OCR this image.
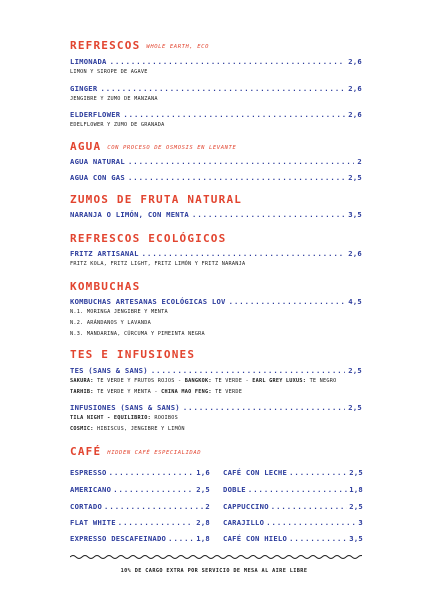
REFRESCOS WHOLE EARTH, ECO
LIMONADA .....	2,6
LIMON Y SIROPE DE AGAVE
GINGER .....	2,6
JENGIBRE Y ZUMO DE MANZANA
ELDERFLOWER .....	2,6
EDELFLOWER Y ZUMO DE GRANADA
AGUA CON PROCESO DE OSMOSIS EN LEVANTE
AGUA NATURAL .....	2
AGUA CON GAS .....	2,5
ZUMOS DE FRUTA NATURAL
NARANJA O LIMÓN, CON MENTA .....	3,5
REFRESCOS ECOLÓGICOS
FRITZ ARTISANAL .....	2,6
FRITZ KOLA, FRITZ LIGHT, FRITZ LIMÓN Y FRITZ NARANJA
KOMBUCHAS
KOMBUCHAS ARTESANAS ECOLÓGICAS LOV .....	4,5
N.1. MORINGA JENGIBRE Y MENTA
N.2. ARÁNDANOS Y LAVANDA
N.3. MANDARINA, CÚRCUMA Y PIMEINTA NEGRA
TES E INFUSIONES
TES (SANS & SANS) .....	2,5
SAKURA: TE VERDE Y FRUTOS ROJOS - BANGKOK: TE VERDE - EARL GREY LUXUS: TE NEGRO
TARHIB: TE VERDE Y MENTA - CHINA MAO FENG: TE VERDE
INFUSIONES (SANS & SANS) .....	2,5
TILA NIGHT - EQUILIBRIO: ROOIBOS
COSMIC: HIBISCUS, JENGIBRE Y LIMÓN
CAFÉ HIDDEN CAFÉ ESPECIALIDAD
ESPRESSO .....	1,6
AMERICANO .....	2,5
CORTADO .....	2
FLAT WHITE .....	2,8
EXPRESSO DESCAFEINADO .....	1,8
CAFÉ CON LECHE .....	2,5
DOBLE .....	1,8
CAPPUCCINO .....	2,5
CARAJILLO .....	3
CAFÉ CON HIELO .....	3,5
10% DE CARGO EXTRA POR SERVICIO DE MESA AL AIRE LIBRE
